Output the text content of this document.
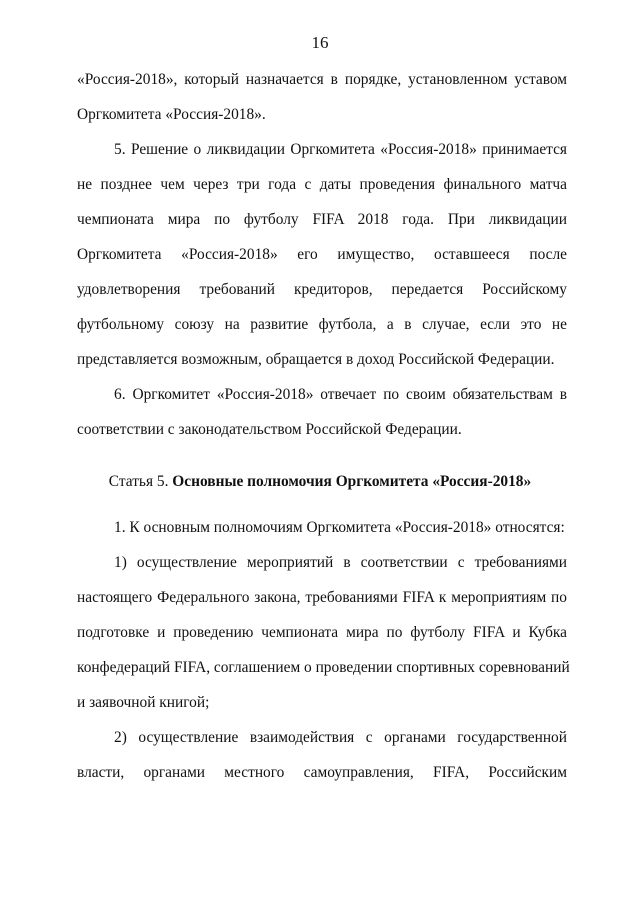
16
«Россия-2018», который назначается в порядке, установленном уставом
Оргкомитета «Россия-2018».
5. Решение о ликвидации Оргкомитета «Россия-2018» принимается
не позднее чем через три года с даты проведения финального матча
чемпионата мира по футболу FIFA 2018 года. При ликвидации
Оргкомитета «Россия-2018» его имущество, оставшееся после
удовлетворения требований кредиторов, передается Российскому
футбольному союзу на развитие футбола, а в случае, если это не
представляется возможным, обращается в доход Российской Федерации.
6. Оргкомитет «Россия-2018» отвечает по своим обязательствам в
соответствии с законодательством Российской Федерации.
Статья 5. Основные полномочия Оргкомитета «Россия-2018»
1. К основным полномочиям Оргкомитета «Россия-2018» относятся:
1) осуществление мероприятий в соответствии с требованиями
настоящего Федерального закона, требованиями FIFA к мероприятиям по
подготовке и проведению чемпионата мира по футболу FIFA и Кубка
конфедераций FIFA, соглашением о проведении спортивных соревнований
и заявочной книгой;
2) осуществление взаимодействия с органами государственной
власти, органами местного самоуправления, FIFA, Российским
